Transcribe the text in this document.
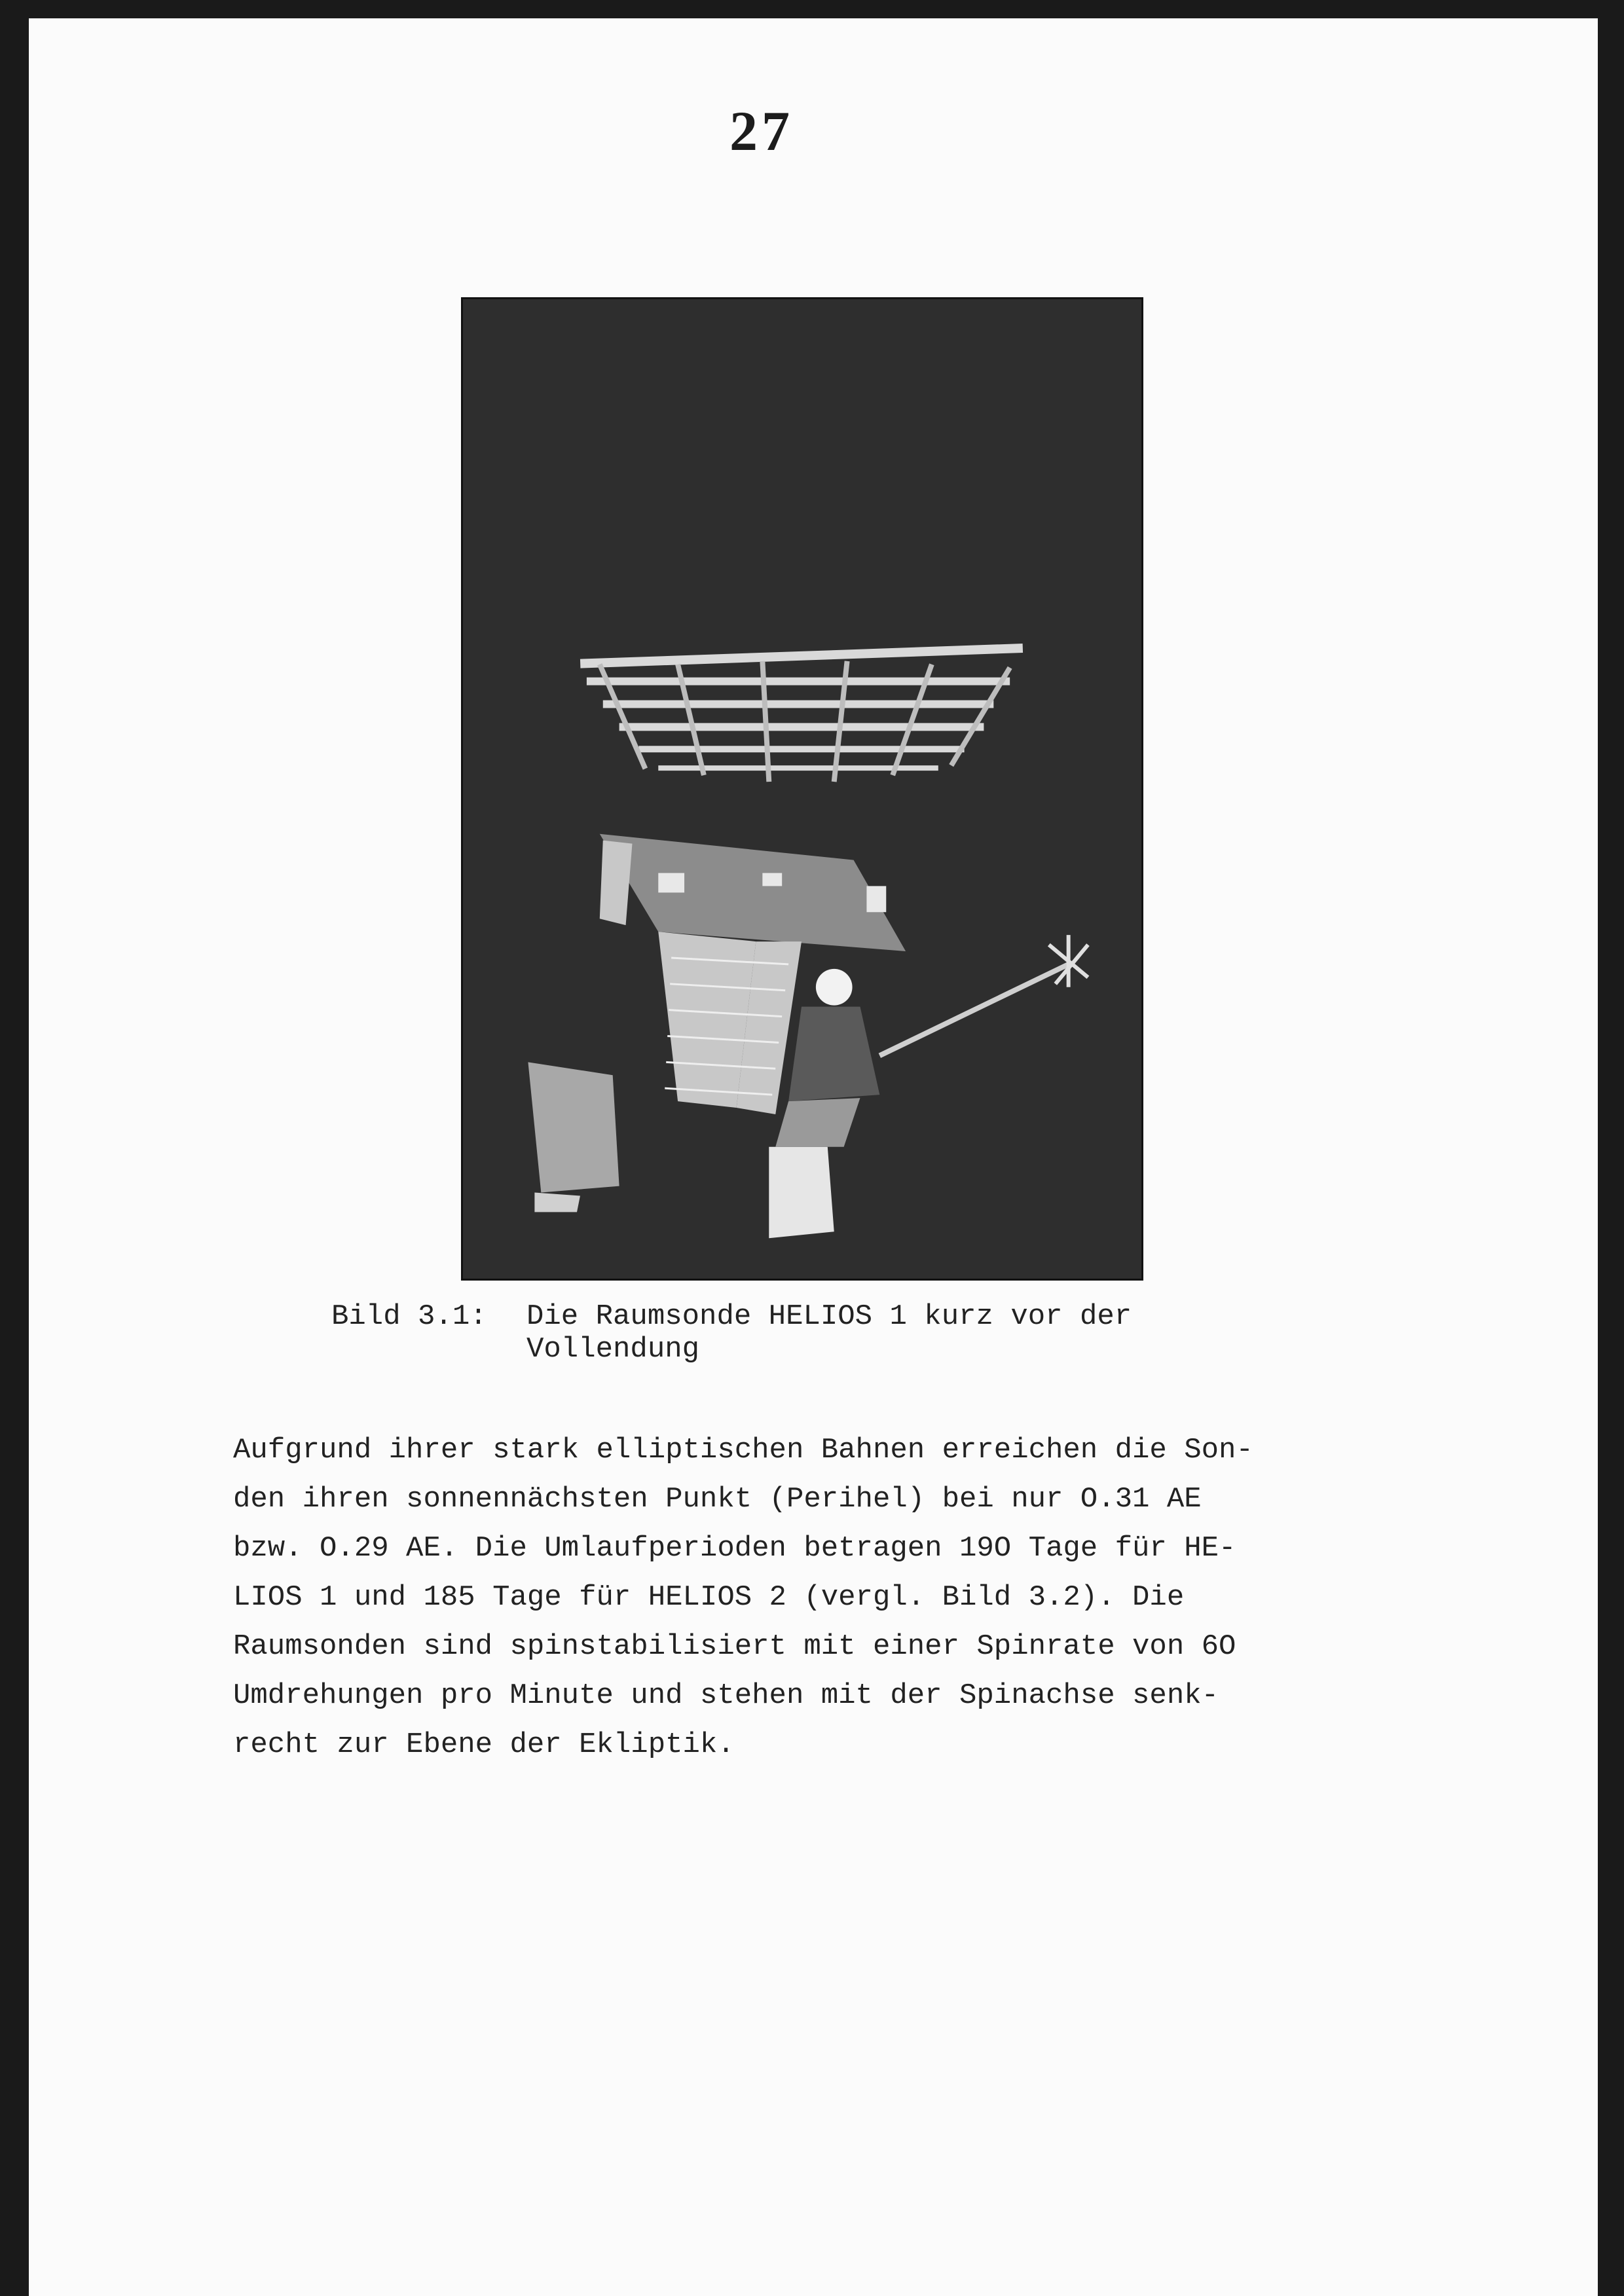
27
Bild 3.1: Die Raumsonde HELIOS 1 kurz vor der
Vollendung
Aufgrund ihrer stark elliptischen Bahnen erreichen die Son-
den ihren sonnennächsten Punkt (Perihel) bei nur O.31 AE
bzw. O.29 AE. Die Umlaufperioden betragen 19O Tage für HE-
LIOS 1 und 185 Tage für HELIOS 2 (vergl. Bild 3.2). Die
Raumsonden sind spinstabilisiert mit einer Spinrate von 6O
Umdrehungen pro Minute und stehen mit der Spinachse senk-
recht zur Ebene der Ekliptik.
